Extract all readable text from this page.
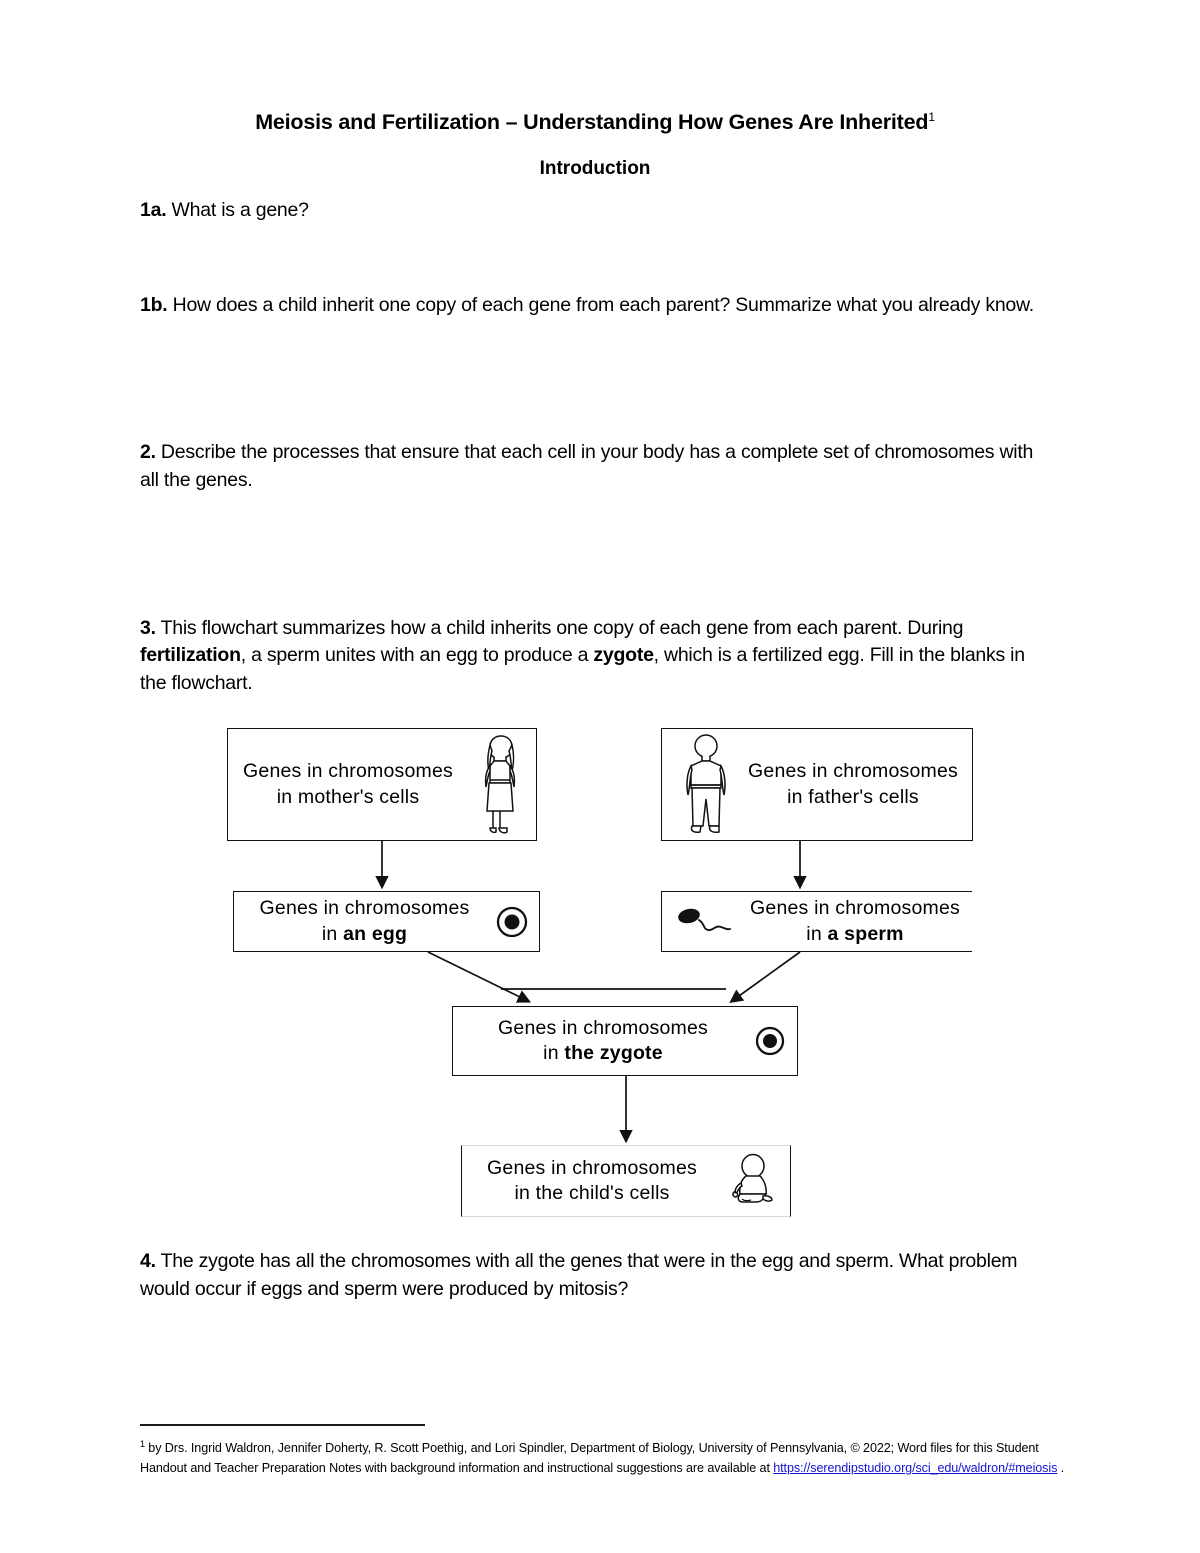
Meiosis and Fertilization – Understanding How Genes Are Inherited$^1$
Introduction
1a. What is a gene?
1b. How does a child inherit one copy of each gene from each parent? Summarize what you already know.
2. Describe the processes that ensure that each cell in your body has a complete set of chromosomes with all the genes.
3. This flowchart summarizes how a child inherits one copy of each gene from each parent. During fertilization, a sperm unites with an egg to produce a zygote, which is a fertilized egg. Fill in the blanks in the flowchart.
Genes in chromosomes
in mother's cells
Genes in chromosomes
in father's cells
Genes in chromosomes
in an egg
Genes in chromosomes
in a sperm
Genes in chromosomes
in the zygote
Genes in chromosomes
in the child's cells
4. The zygote has all the chromosomes with all the genes that were in the egg and sperm. What problem would occur if eggs and sperm were produced by mitosis?
$^1$ by Drs. Ingrid Waldron, Jennifer Doherty, R. Scott Poethig, and Lori Spindler, Department of Biology, University of Pennsylvania, © 2022; Word files for this Student Handout and Teacher Preparation Notes with background information and instructional suggestions are available at https://serendipstudio.org/sci_edu/waldron/#meiosis .
